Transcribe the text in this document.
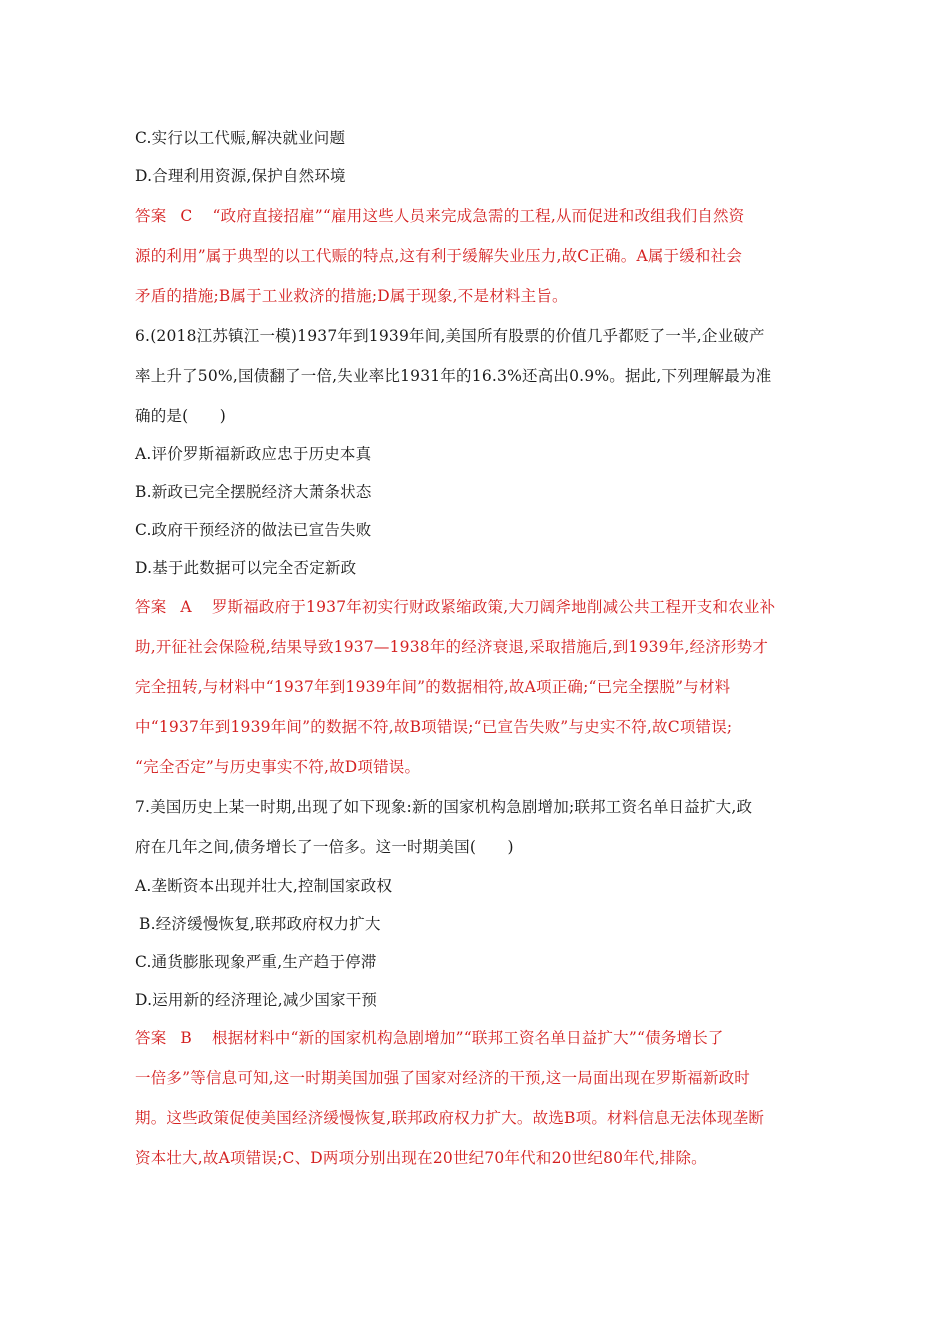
C.实行以工代赈,解决就业问题
D.合理利用资源,保护自然环境
答案 C “政府直接招雇”“雇用这些人员来完成急需的工程,从而促进和改组我们自然资
源的利用”属于典型的以工代赈的特点,这有利于缓解失业压力,故C正确。A属于缓和社会
矛盾的措施;B属于工业救济的措施;D属于现象,不是材料主旨。
6.(2018江苏镇江一模)1937年到1939年间,美国所有股票的价值几乎都贬了一半,企业破产
率上升了50%,国债翻了一倍,失业率比1931年的16.3%还高出0.9%。据此,下列理解最为准
确的是(　　)
A.评价罗斯福新政应忠于历史本真
B.新政已完全摆脱经济大萧条状态
C.政府干预经济的做法已宣告失败
D.基于此数据可以完全否定新政
答案 A 罗斯福政府于1937年初实行财政紧缩政策,大刀阔斧地削减公共工程开支和农业补
助,开征社会保险税,结果导致1937—1938年的经济衰退,采取措施后,到1939年,经济形势才
完全扭转,与材料中“1937年到1939年间”的数据相符,故A项正确;“已完全摆脱”与材料
中“1937年到1939年间”的数据不符,故B项错误;“已宣告失败”与史实不符,故C项错误;
“完全否定”与历史事实不符,故D项错误。
7.美国历史上某一时期,出现了如下现象:新的国家机构急剧增加;联邦工资名单日益扩大,政
府在几年之间,债务增长了一倍多。这一时期美国(　　)
A.垄断资本出现并壮大,控制国家政权
B.经济缓慢恢复,联邦政府权力扩大
C.通货膨胀现象严重,生产趋于停滞
D.运用新的经济理论,减少国家干预
答案 B 根据材料中“新的国家机构急剧增加”“联邦工资名单日益扩大”“债务增长了
一倍多”等信息可知,这一时期美国加强了国家对经济的干预,这一局面出现在罗斯福新政时
期。这些政策促使美国经济缓慢恢复,联邦政府权力扩大。故选B项。材料信息无法体现垄断
资本壮大,故A项错误;C、D两项分别出现在20世纪70年代和20世纪80年代,排除。
